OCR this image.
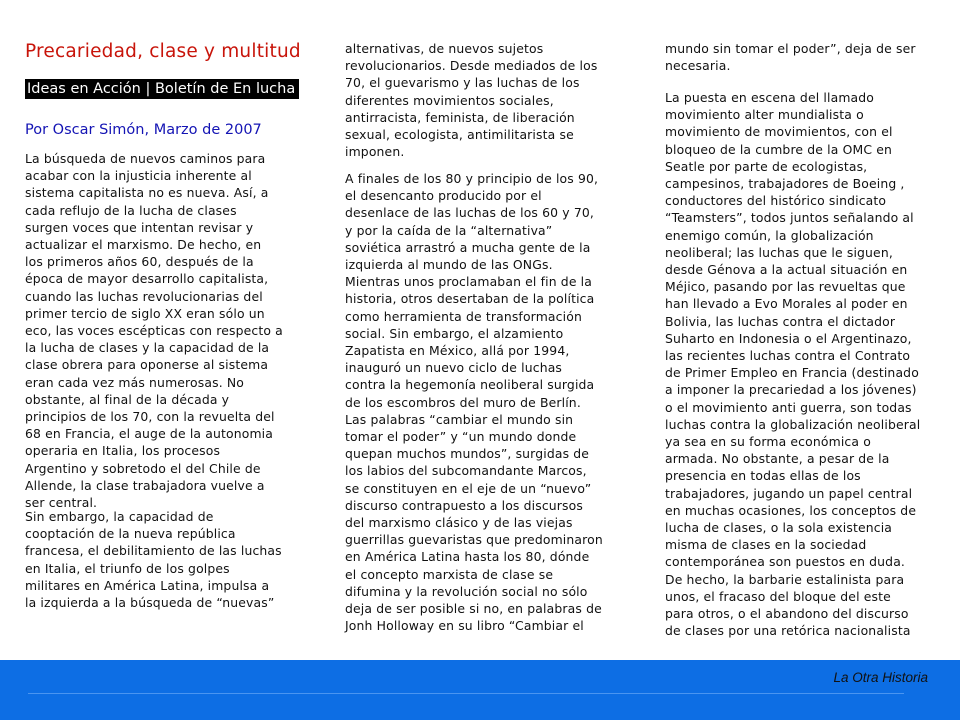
Precariedad, clase y multitud
Ideas en Acción | Boletín de En lucha
Por Oscar Simón, Marzo de 2007

La búsqueda de nuevos caminos para
acabar con la injusticia inherente al
sistema capitalista no es nueva. Así, a
cada reflujo de la lucha de clases
surgen voces que intentan revisar y
actualizar el marxismo. De hecho, en
los primeros años 60, después de la
época de mayor desarrollo capitalista,
cuando las luchas revolucionarias del
primer tercio de siglo XX eran sólo un
eco, las voces escépticas con respecto a
la lucha de clases y la capacidad de la
clase obrera para oponerse al sistema
eran cada vez más numerosas. No
obstante, al final de la década y
principios de los 70, con la revuelta del
68 en Francia, el auge de la autonomia
operaria en Italia, los procesos
Argentino y sobretodo el del Chile de
Allende, la clase trabajadora vuelve a
ser central.

Sin embargo, la capacidad de
cooptación de la nueva república
francesa, el debilitamiento de las luchas
en Italia, el triunfo de los golpes
militares en América Latina, impulsa a
la izquierda a la búsqueda de “nuevas”

alternativas, de nuevos sujetos
revolucionarios. Desde mediados de los
70, el guevarismo y las luchas de los
diferentes movimientos sociales,
antirracista, feminista, de liberación
sexual, ecologista, antimilitarista se
imponen.

A finales de los 80 y principio de los 90,
el desencanto producido por el
desenlace de las luchas de los 60 y 70,
y por la caída de la “alternativa”
soviética arrastró a mucha gente de la
izquierda al mundo de las ONGs.
Mientras unos proclamaban el fin de la
historia, otros desertaban de la política
como herramienta de transformación
social. Sin embargo, el alzamiento
Zapatista en México, allá por 1994,
inauguró un nuevo ciclo de luchas
contra la hegemonía neoliberal surgida
de los escombros del muro de Berlín.
Las palabras “cambiar el mundo sin
tomar el poder” y “un mundo donde
quepan muchos mundos”, surgidas de
los labios del subcomandante Marcos,
se constituyen en el eje de un “nuevo”
discurso contrapuesto a los discursos
del marxismo clásico y de las viejas
guerrillas guevaristas que predominaron
en América Latina hasta los 80, dónde
el concepto marxista de clase se
difumina y la revolución social no sólo
deja de ser posible si no, en palabras de
Jonh Holloway en su libro “Cambiar el

mundo sin tomar el poder”, deja de ser
necesaria.

La puesta en escena del llamado
movimiento alter mundialista o
movimiento de movimientos, con el
bloqueo de la cumbre de la OMC en
Seatle por parte de ecologistas,
campesinos, trabajadores de Boeing ,
conductores del histórico sindicato
“Teamsters”, todos juntos señalando al
enemigo común, la globalización
neoliberal; las luchas que le siguen,
desde Génova a la actual situación en
Méjico, pasando por las revueltas que
han llevado a Evo Morales al poder en
Bolivia, las luchas contra el dictador
Suharto en Indonesia o el Argentinazo,
las recientes luchas contra el Contrato
de Primer Empleo en Francia (destinado
a imponer la precariedad a los jóvenes)
o el movimiento anti guerra, son todas
luchas contra la globalización neoliberal
ya sea en su forma económica o
armada. No obstante, a pesar de la
presencia en todas ellas de los
trabajadores, jugando un papel central
en muchas ocasiones, los conceptos de
lucha de clases, o la sola existencia
misma de clases en la sociedad
contemporánea son puestos en duda.
De hecho, la barbarie estalinista para
unos, el fracaso del bloque del este
para otros, o el abandono del discurso
de clases por una retórica nacionalista

La Otra Historia
